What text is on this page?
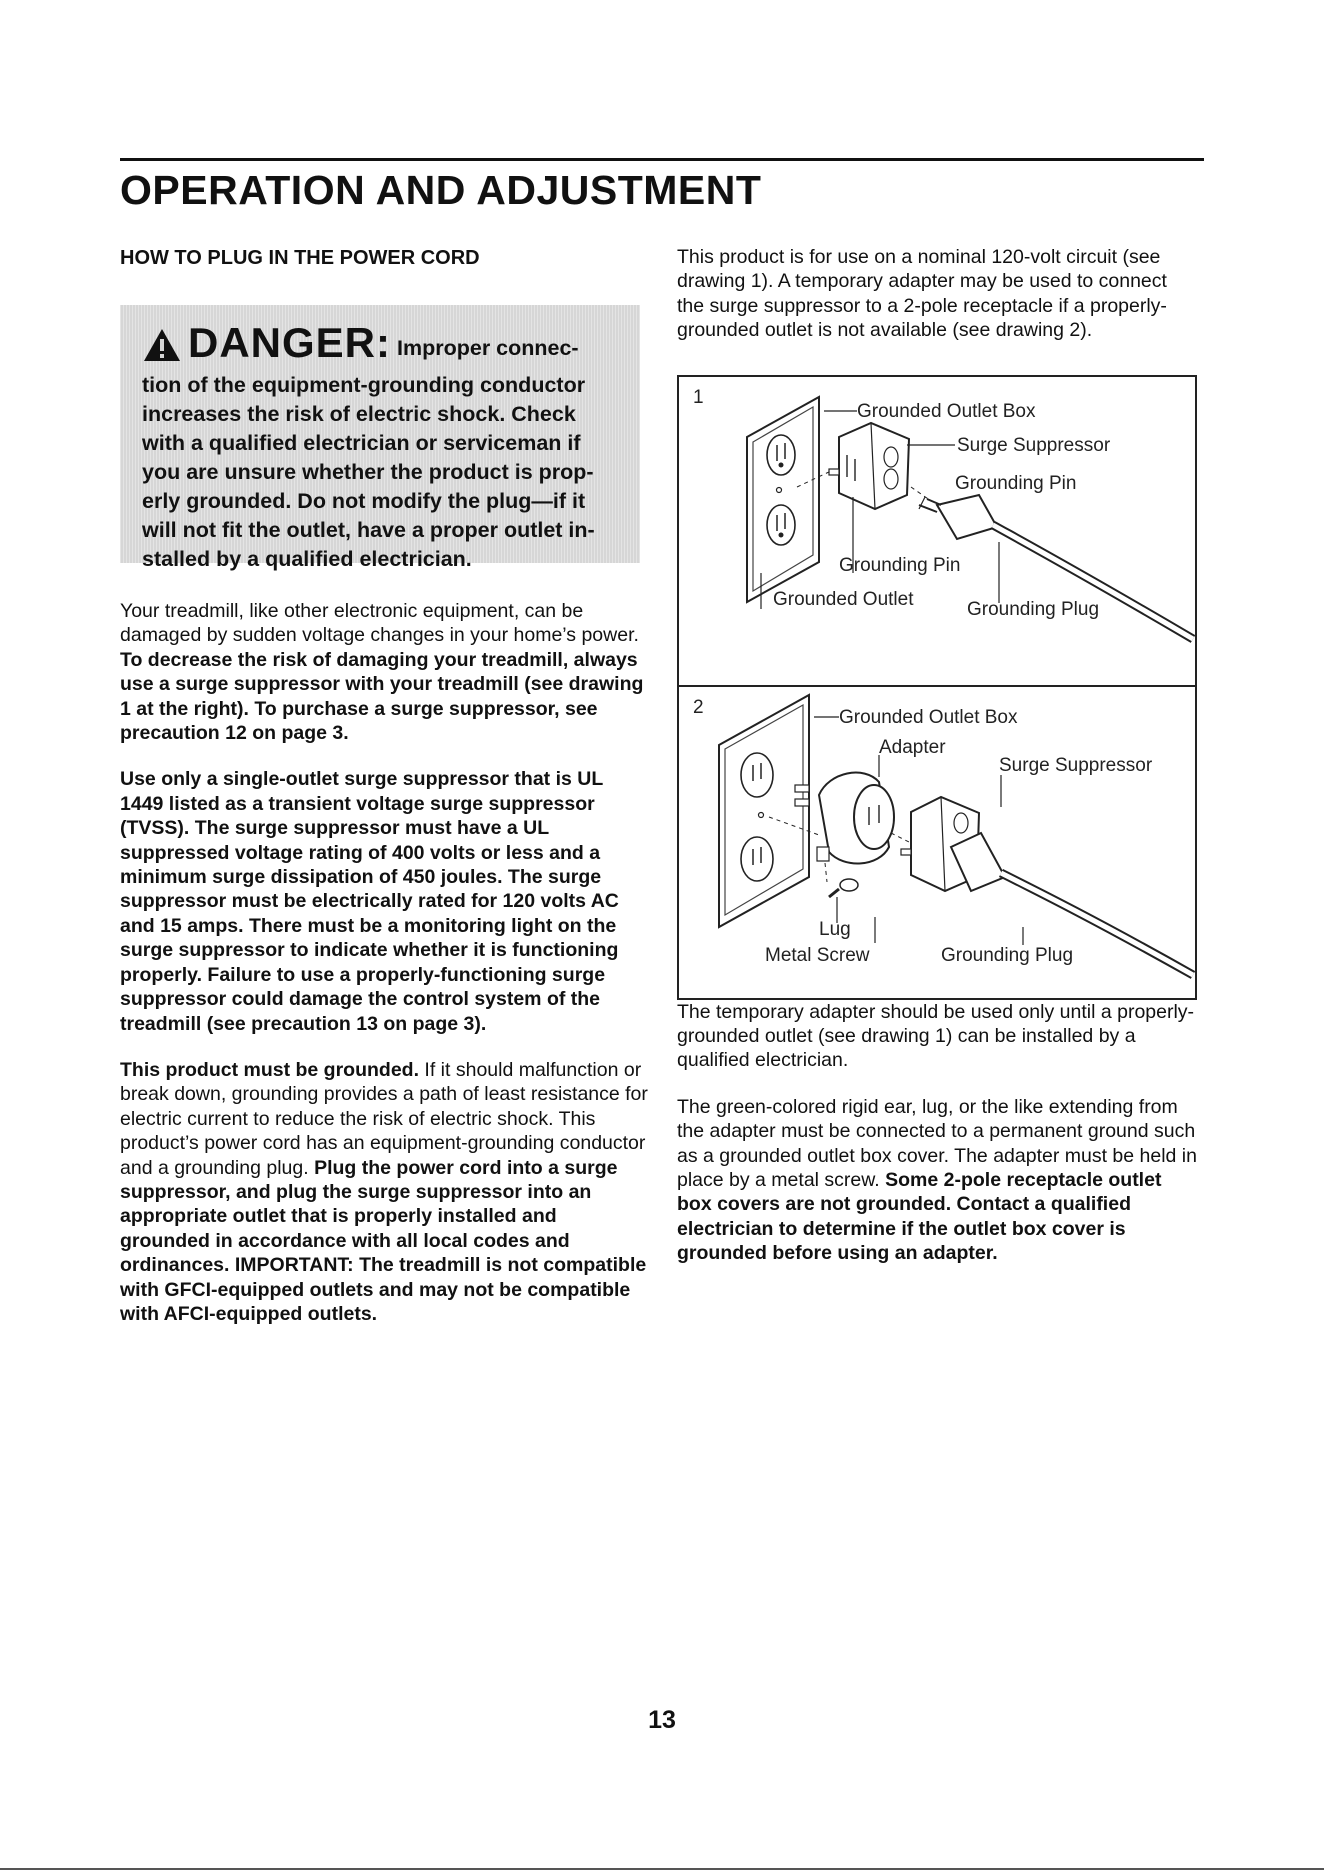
OPERATION AND ADJUSTMENT
HOW TO PLUG IN THE POWER CORD
DANGER: Improper connec-
tion of the equipment-grounding conductor
increases the risk of electric shock. Check
with a qualified electrician or serviceman if
you are unsure whether the product is prop-
erly grounded. Do not modify the plug—if it
will not fit the outlet, have a proper outlet in-
stalled by a qualified electrician.

Your treadmill, like other electronic equipment, can be damaged by sudden voltage changes in your home’s power. To decrease the risk of damaging your treadmill, always use a surge suppressor with your treadmill (see drawing 1 at the right). To purchase a surge suppressor, see precaution 12 on page 3.

Use only a single-outlet surge suppressor that is UL 1449 listed as a transient voltage surge suppressor (TVSS). The surge suppressor must have a UL suppressed voltage rating of 400 volts or less and a minimum surge dissipation of 450 joules. The surge suppressor must be electrically rated for 120 volts AC and 15 amps. There must be a monitoring light on the surge suppressor to indicate whether it is functioning properly. Failure to use a properly-functioning surge suppressor could damage the control system of the treadmill (see precaution 13 on page 3).

This product must be grounded. If it should malfunction or break down, grounding provides a path of least resistance for electric current to reduce the risk of electric shock. This product’s power cord has an equipment-grounding conductor and a grounding plug. Plug the power cord into a surge suppressor, and plug the surge suppressor into an appropriate outlet that is properly installed and grounded in accordance with all local codes and ordinances. IMPORTANT: The treadmill is not compatible with GFCI-equipped outlets and may not be compatible with AFCI-equipped outlets.

This product is for use on a nominal 120-volt circuit (see drawing 1). A temporary adapter may be used to connect the surge suppressor to a 2-pole receptacle if a properly-grounded outlet is not available (see drawing 2).

1
Grounded Outlet Box
Surge Suppressor
Grounding Pin
Grounding Pin
Grounded Outlet	Grounding Plug
2	Grounded Outlet Box
Adapter
Surge Suppressor
Lug
Metal Screw	Grounding Plug

The temporary adapter should be used only until a properly-grounded outlet (see drawing 1) can be installed by a qualified electrician.

The green-colored rigid ear, lug, or the like extending from the adapter must be connected to a permanent ground such as a grounded outlet box cover. The adapter must be held in place by a metal screw. Some 2-pole receptacle outlet box covers are not grounded. Contact a qualified electrician to determine if the outlet box cover is grounded before using an adapter.

13
